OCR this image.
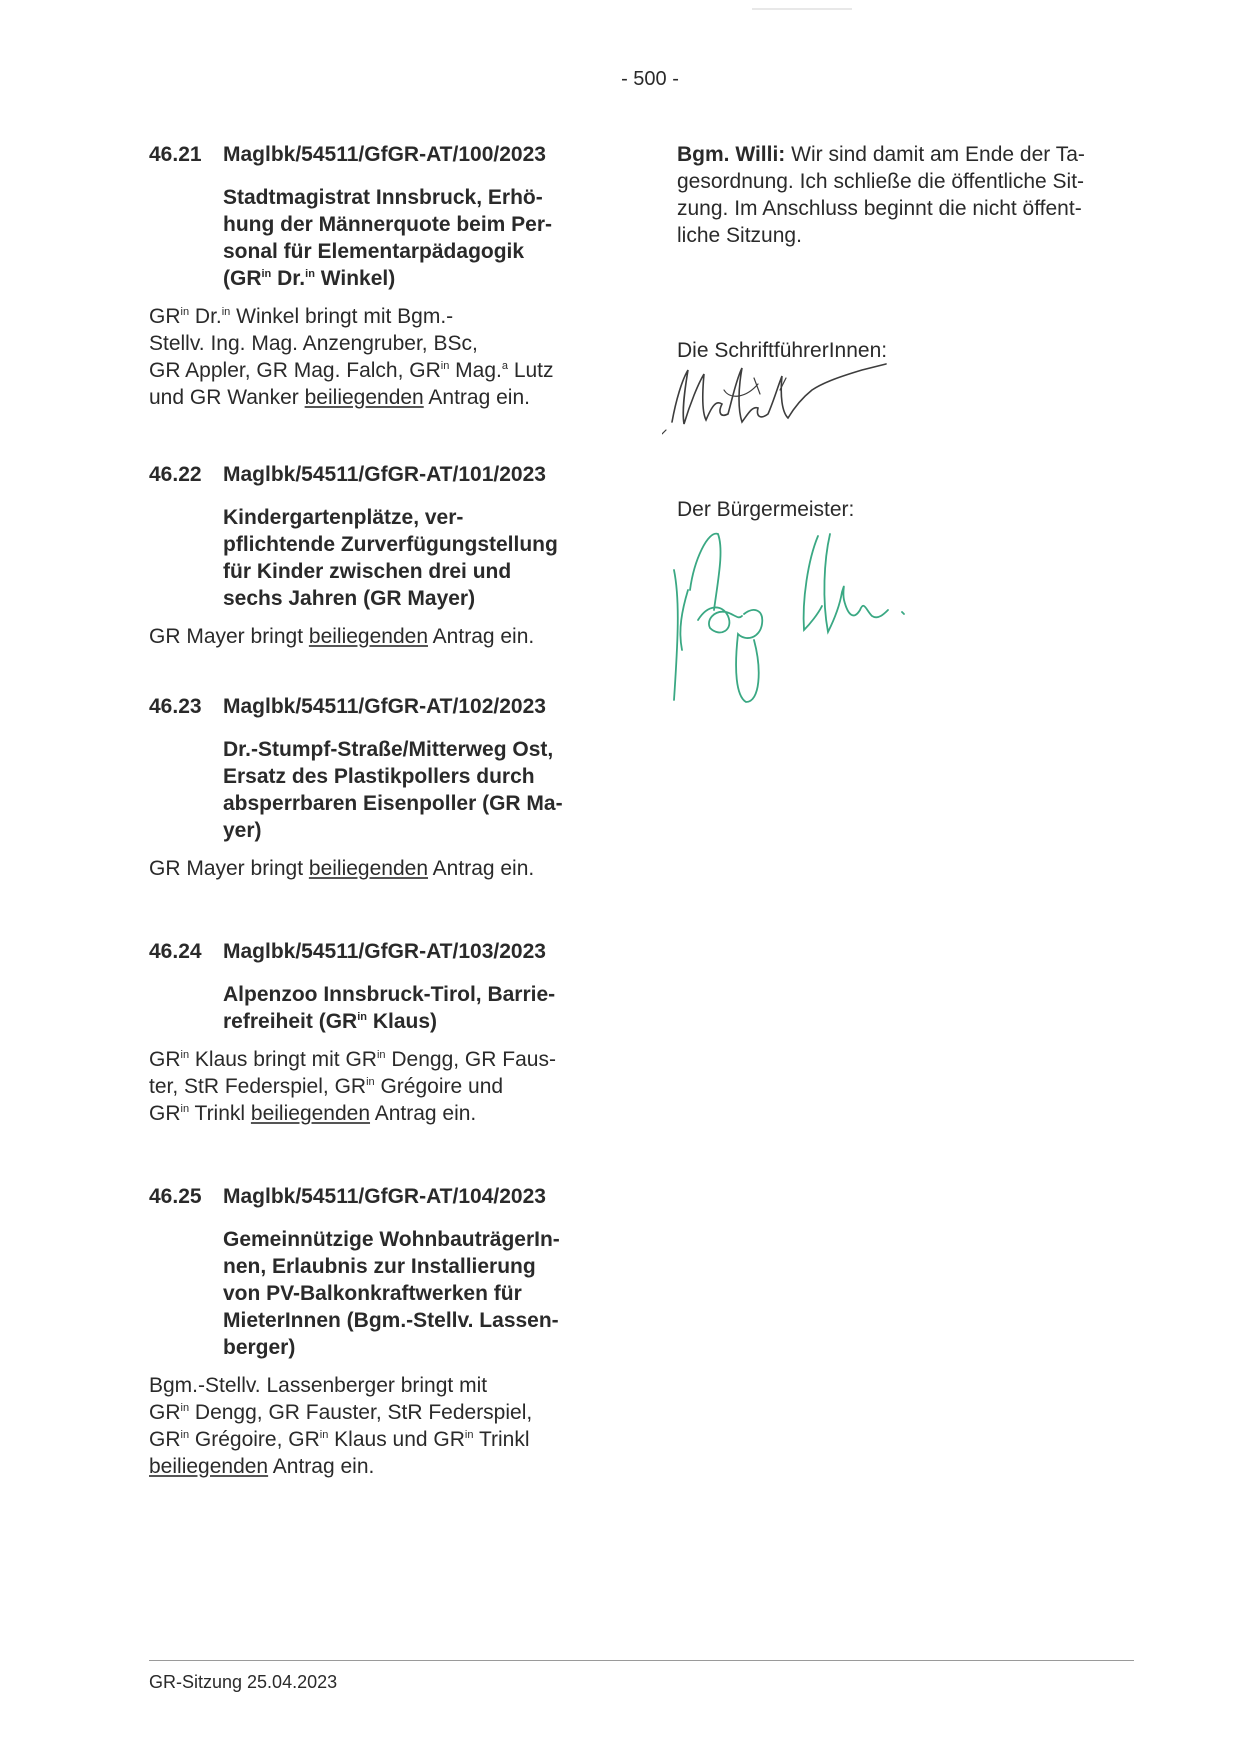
- 500 -
46.21	Maglbk/54511/GfGR-AT/100/2023
Stadtmagistrat Innsbruck, Erhö-
hung der Männerquote beim Per-
sonal für Elementarpädagogik
($GR^{in}$ Dr.$^{in}$ Winkel)
$GR^{in}$ Dr.$^{in}$ Winkel bringt mit Bgm.-
Stellv. Ing. Mag. Anzengruber, BSc,
GR Appler, GR Mag. Falch, $GR^{in}$ Mag.$^a$ Lutz
und GR Wanker beiliegenden Antrag ein.
46.22	Maglbk/54511/GfGR-AT/101/2023
Kindergartenplätze, ver-
pflichtende Zurverfügungstellung
für Kinder zwischen drei und
sechs Jahren (GR Mayer)
GR Mayer bringt beiliegenden Antrag ein.
46.23	Maglbk/54511/GfGR-AT/102/2023
Dr.-Stumpf-Straße/Mitterweg Ost,
Ersatz des Plastikpollers durch
absperrbaren Eisenpoller (GR Ma-
yer)
GR Mayer bringt beiliegenden Antrag ein.
46.24	Maglbk/54511/GfGR-AT/103/2023
Alpenzoo Innsbruck-Tirol, Barrie-
refreiheit ($GR^{in}$ Klaus)
$GR^{in}$ Klaus bringt mit $GR^{in}$ Dengg, GR Faus-
ter, StR Federspiel, $GR^{in}$ Grégoire und
$GR^{in}$ Trinkl beiliegenden Antrag ein.
46.25	Maglbk/54511/GfGR-AT/104/2023
Gemeinnützige WohnbauträgerIn-
nen, Erlaubnis zur Installierung
von PV-Balkonkraftwerken für
MieterInnen (Bgm.-Stellv. Lassen-
berger)
Bgm.-Stellv. Lassenberger bringt mit
$GR^{in}$ Dengg, GR Fauster, StR Federspiel,
$GR^{in}$ Grégoire, $GR^{in}$ Klaus und $GR^{in}$ Trinkl
beiliegenden Antrag ein.
Bgm. Willi: Wir sind damit am Ende der Ta-
gesordnung. Ich schließe die öffentliche Sit-
zung. Im Anschluss beginnt die nicht öffent-
liche Sitzung.
Die SchriftführerInnen:
Der Bürgermeister:
GR-Sitzung 25.04.2023
